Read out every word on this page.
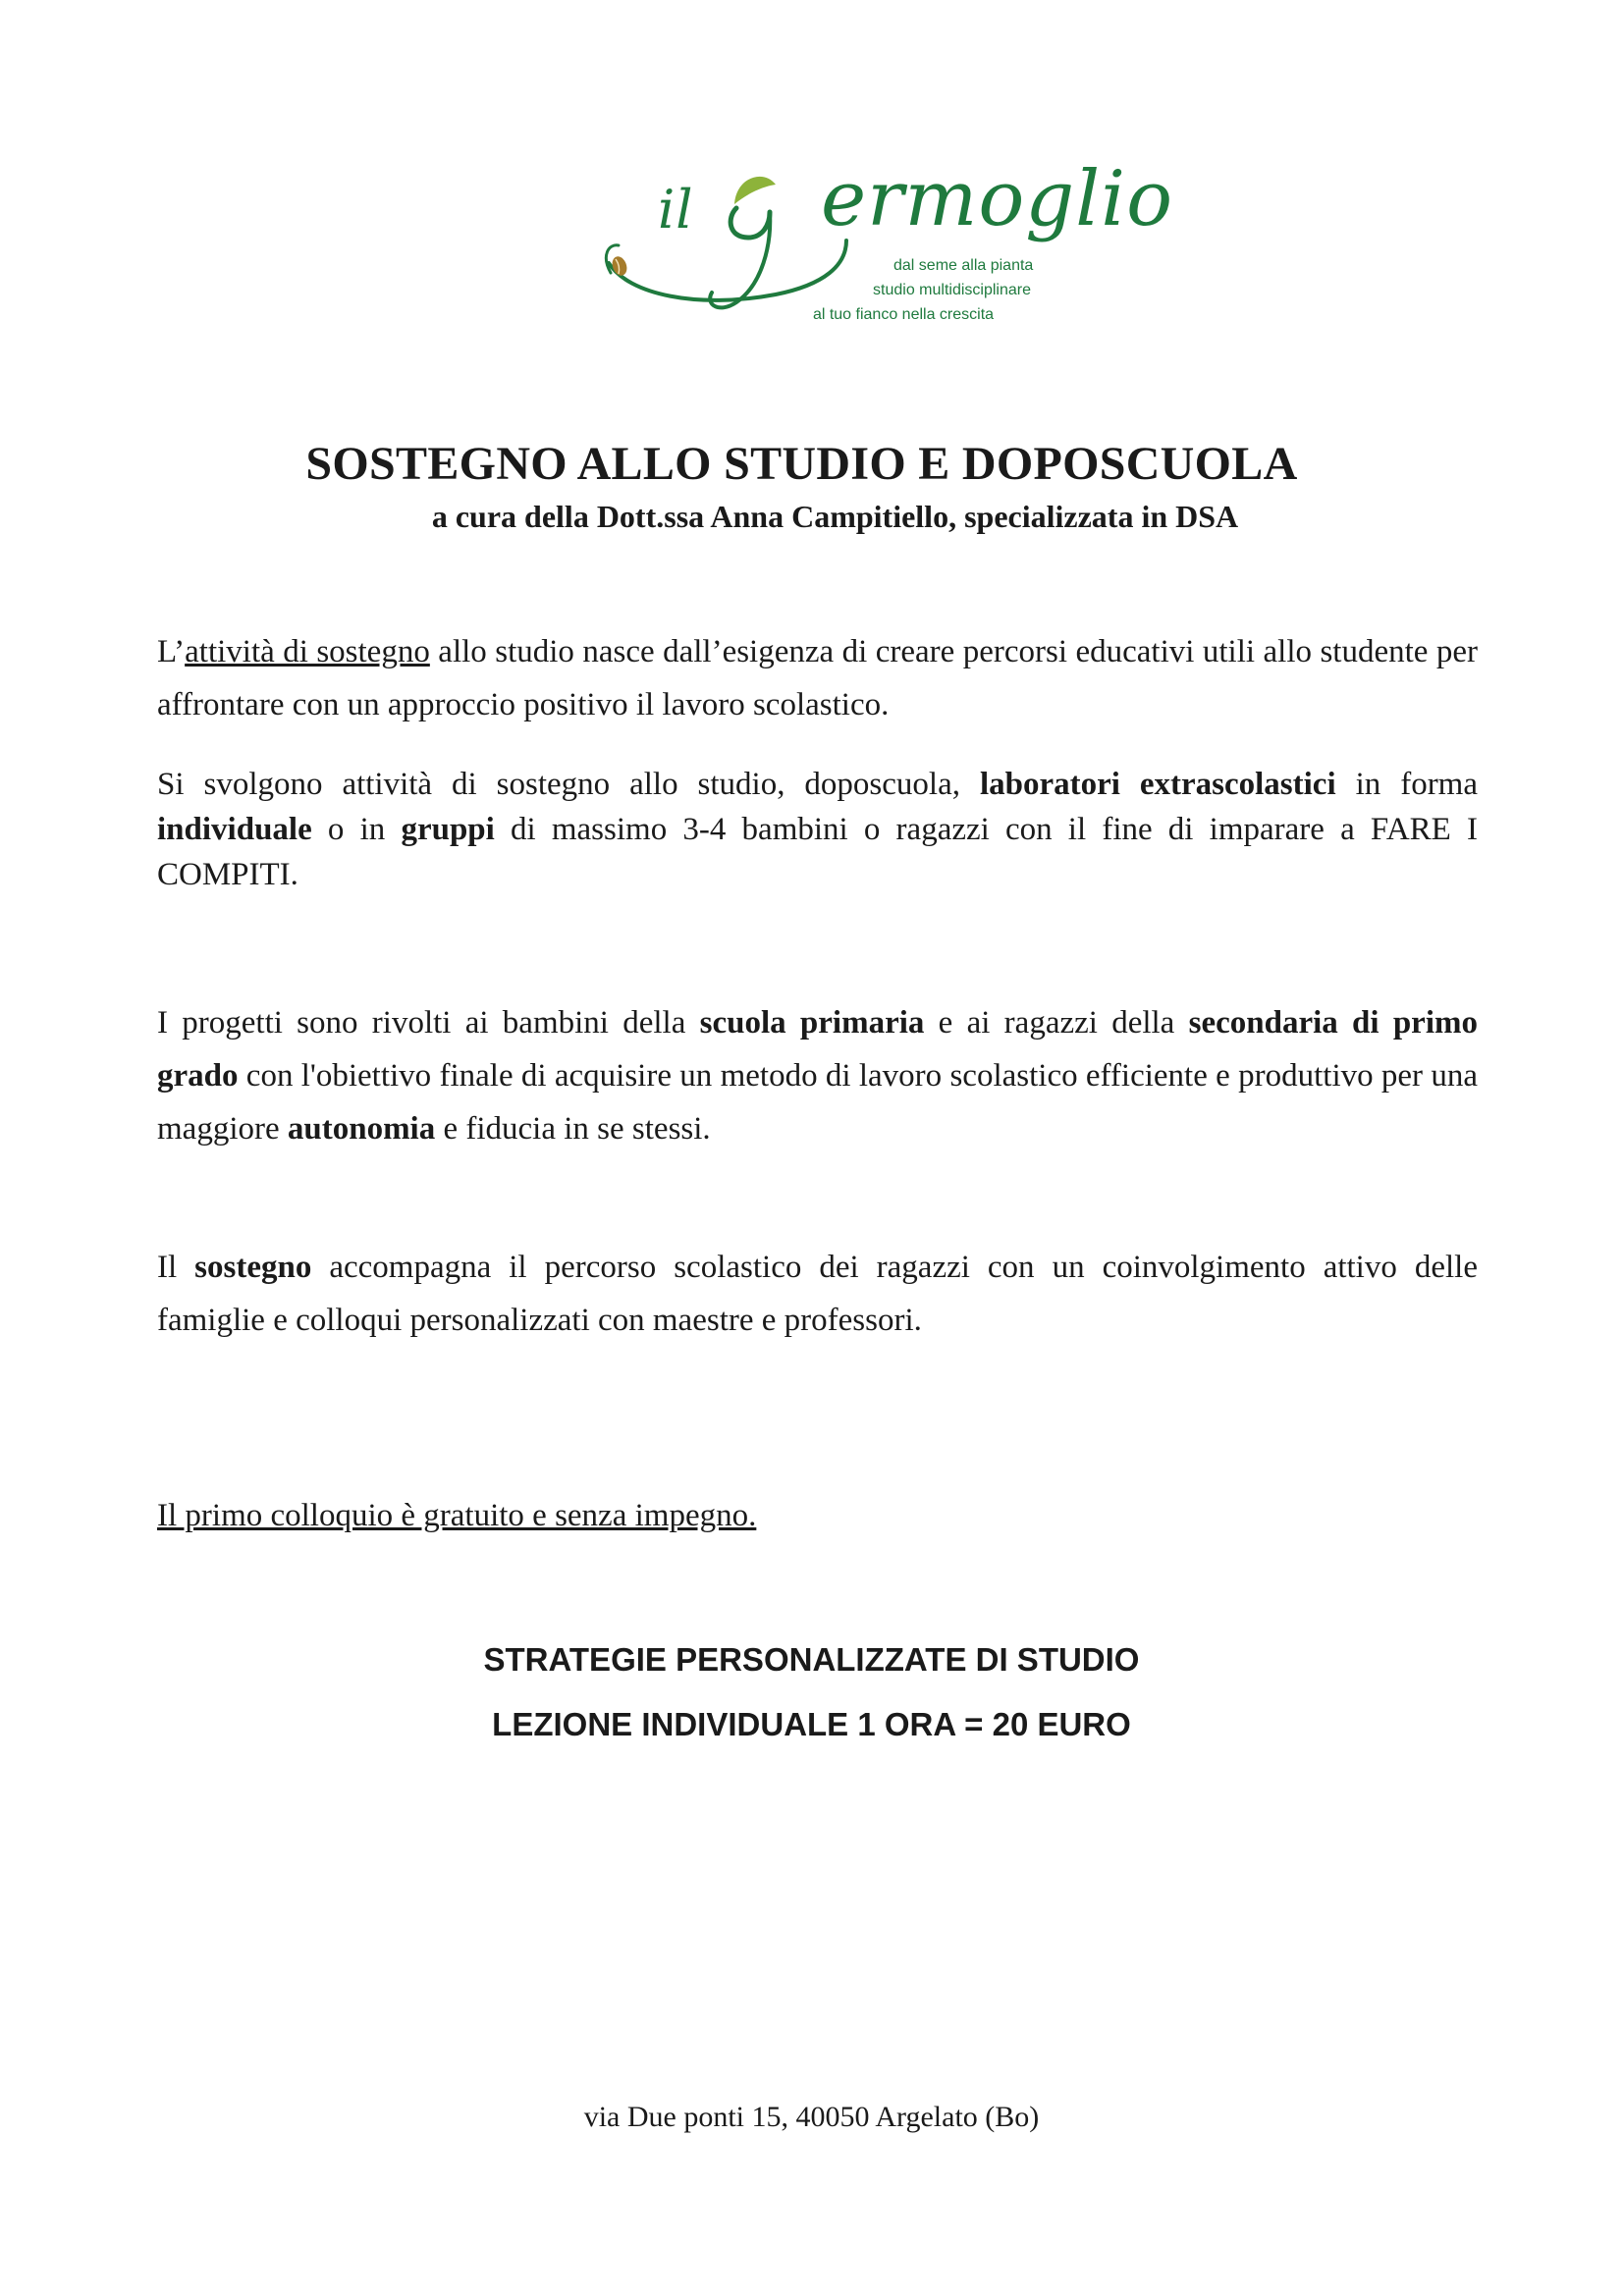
il	ermoglio
dal seme alla pianta
studio multidisciplinare
al tuo fianco nella crescita
SOSTEGNO ALLO STUDIO E DOPOSCUOLA
a cura della Dott.ssa Anna Campitiello, specializzata in DSA

L’attività di sostegno allo studio nasce dall’esigenza di creare percorsi educativi utili allo studente per affrontare con un approccio positivo il lavoro scolastico.

Si svolgono attività di sostegno allo studio, doposcuola, laboratori extrascolastici in forma individuale o in gruppi di massimo 3-4 bambini o ragazzi con il fine di imparare a FARE I COMPITI.

I progetti sono rivolti ai bambini della scuola primaria e ai ragazzi della secondaria di primo grado con l'obiettivo finale di acquisire un metodo di lavoro scolastico efficiente e produttivo per una maggiore autonomia e fiducia in se stessi.

Il sostegno accompagna il percorso scolastico dei ragazzi con un coinvolgimento attivo delle famiglie e colloqui personalizzati con maestre e professori.

Il primo colloquio è gratuito e senza impegno.

STRATEGIE PERSONALIZZATE DI STUDIO
LEZIONE INDIVIDUALE 1 ORA = 20 EURO
via Due ponti 15, 40050 Argelato (Bo)
